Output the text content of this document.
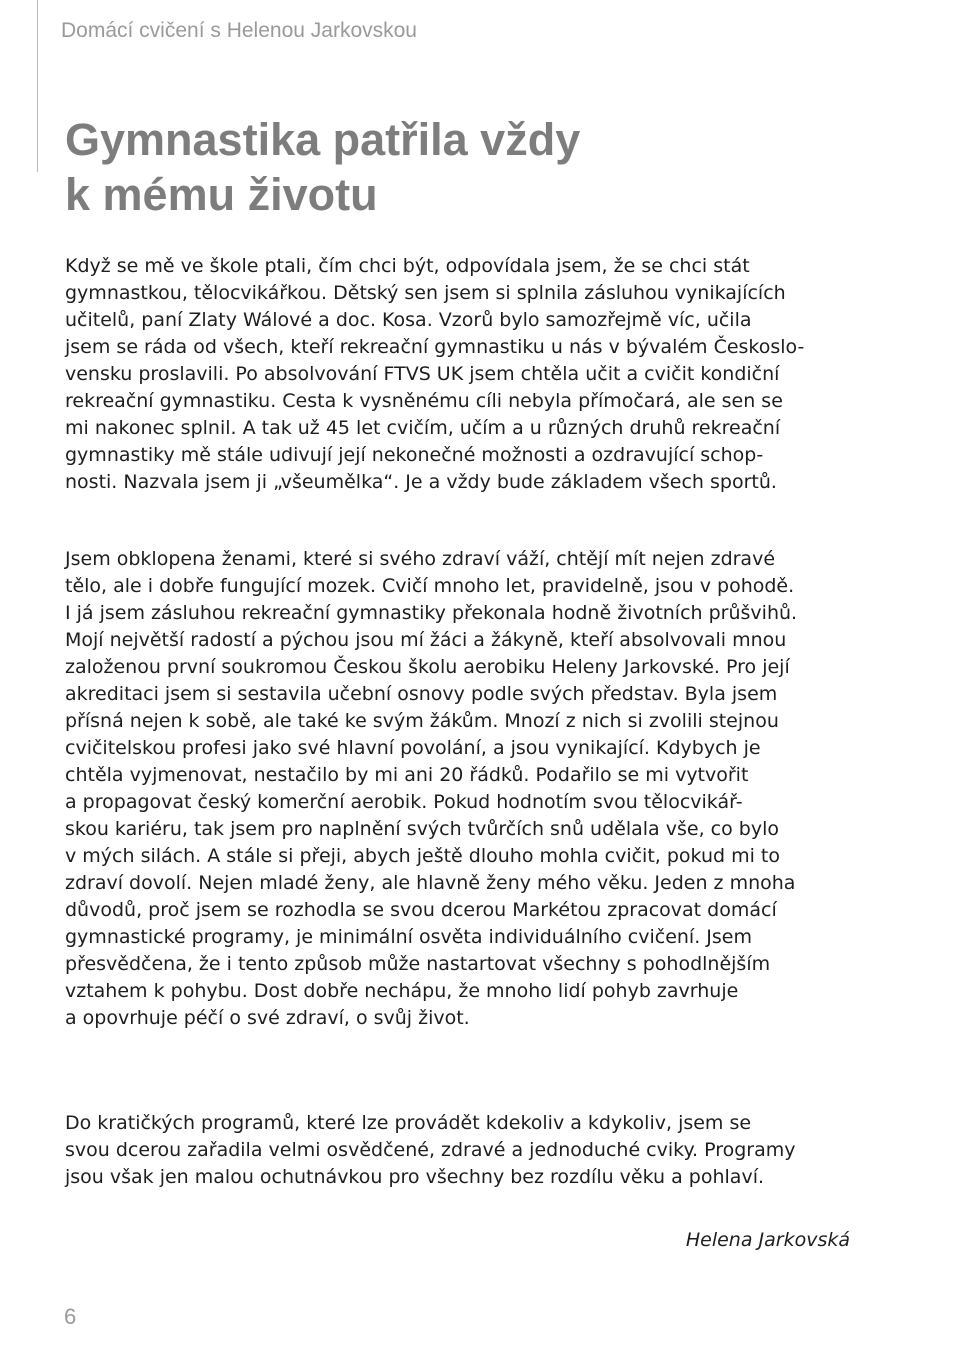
Domácí cvičení s Helenou Jarkovskou
Gymnastika patřila vždy
k mému životu

Když se mě ve škole ptali, čím chci být, odpovídala jsem, že se chci stát
gymnastkou, tělocvikářkou. Dětský sen jsem si splnila zásluhou vynikajících
učitelů, paní Zlaty Wálové a doc. Kosa. Vzorů bylo samozřejmě víc, učila
jsem se ráda od všech, kteří rekreační gymnastiku u nás v bývalém Českoslo-
vensku proslavili. Po absolvování FTVS UK jsem chtěla učit a cvičit kondiční
rekreační gymnastiku. Cesta k vysněnému cíli nebyla přímočará, ale sen se
mi nakonec splnil. A tak už 45 let cvičím, učím a u různých druhů rekreační
gymnastiky mě stále udivují její nekonečné možnosti a ozdravující schop-
nosti. Nazvala jsem ji „všeumělka“. Je a vždy bude základem všech sportů.

Jsem obklopena ženami, které si svého zdraví váží, chtějí mít nejen zdravé
tělo, ale i dobře fungující mozek. Cvičí mnoho let, pravidelně, jsou v pohodě.
I já jsem zásluhou rekreační gymnastiky překonala hodně životních průšvihů.
Mojí největší radostí a pýchou jsou mí žáci a žákyně, kteří absolvovali mnou
založenou první soukromou Českou školu aerobiku Heleny Jarkovské. Pro její
akreditaci jsem si sestavila učební osnovy podle svých představ. Byla jsem
přísná nejen k sobě, ale také ke svým žákům. Mnozí z nich si zvolili stejnou
cvičitelskou profesi jako své hlavní povolání, a jsou vynikající. Kdybych je
chtěla vyjmenovat, nestačilo by mi ani 20 řádků. Podařilo se mi vytvořit
a propagovat český komerční aerobik. Pokud hodnotím svou tělocvikář-
skou kariéru, tak jsem pro naplnění svých tvůrčích snů udělala vše, co bylo
v mých silách. A stále si přeji, abych ještě dlouho mohla cvičit, pokud mi to
zdraví dovolí. Nejen mladé ženy, ale hlavně ženy mého věku. Jeden z mnoha
důvodů, proč jsem se rozhodla se svou dcerou Markétou zpracovat domácí
gymnastické programy, je minimální osvěta individuálního cvičení. Jsem
přesvědčena, že i tento způsob může nastartovat všechny s pohodlnějším
vztahem k pohybu. Dost dobře nechápu, že mnoho lidí pohyb zavrhuje
a opovrhuje péčí o své zdraví, o svůj život.

Do kratičkých programů, které lze provádět kdekoliv a kdykoliv, jsem se
svou dcerou zařadila velmi osvědčené, zdravé a jednoduché cviky. Programy
jsou však jen malou ochutnávkou pro všechny bez rozdílu věku a pohlaví.

Helena Jarkovská
6
